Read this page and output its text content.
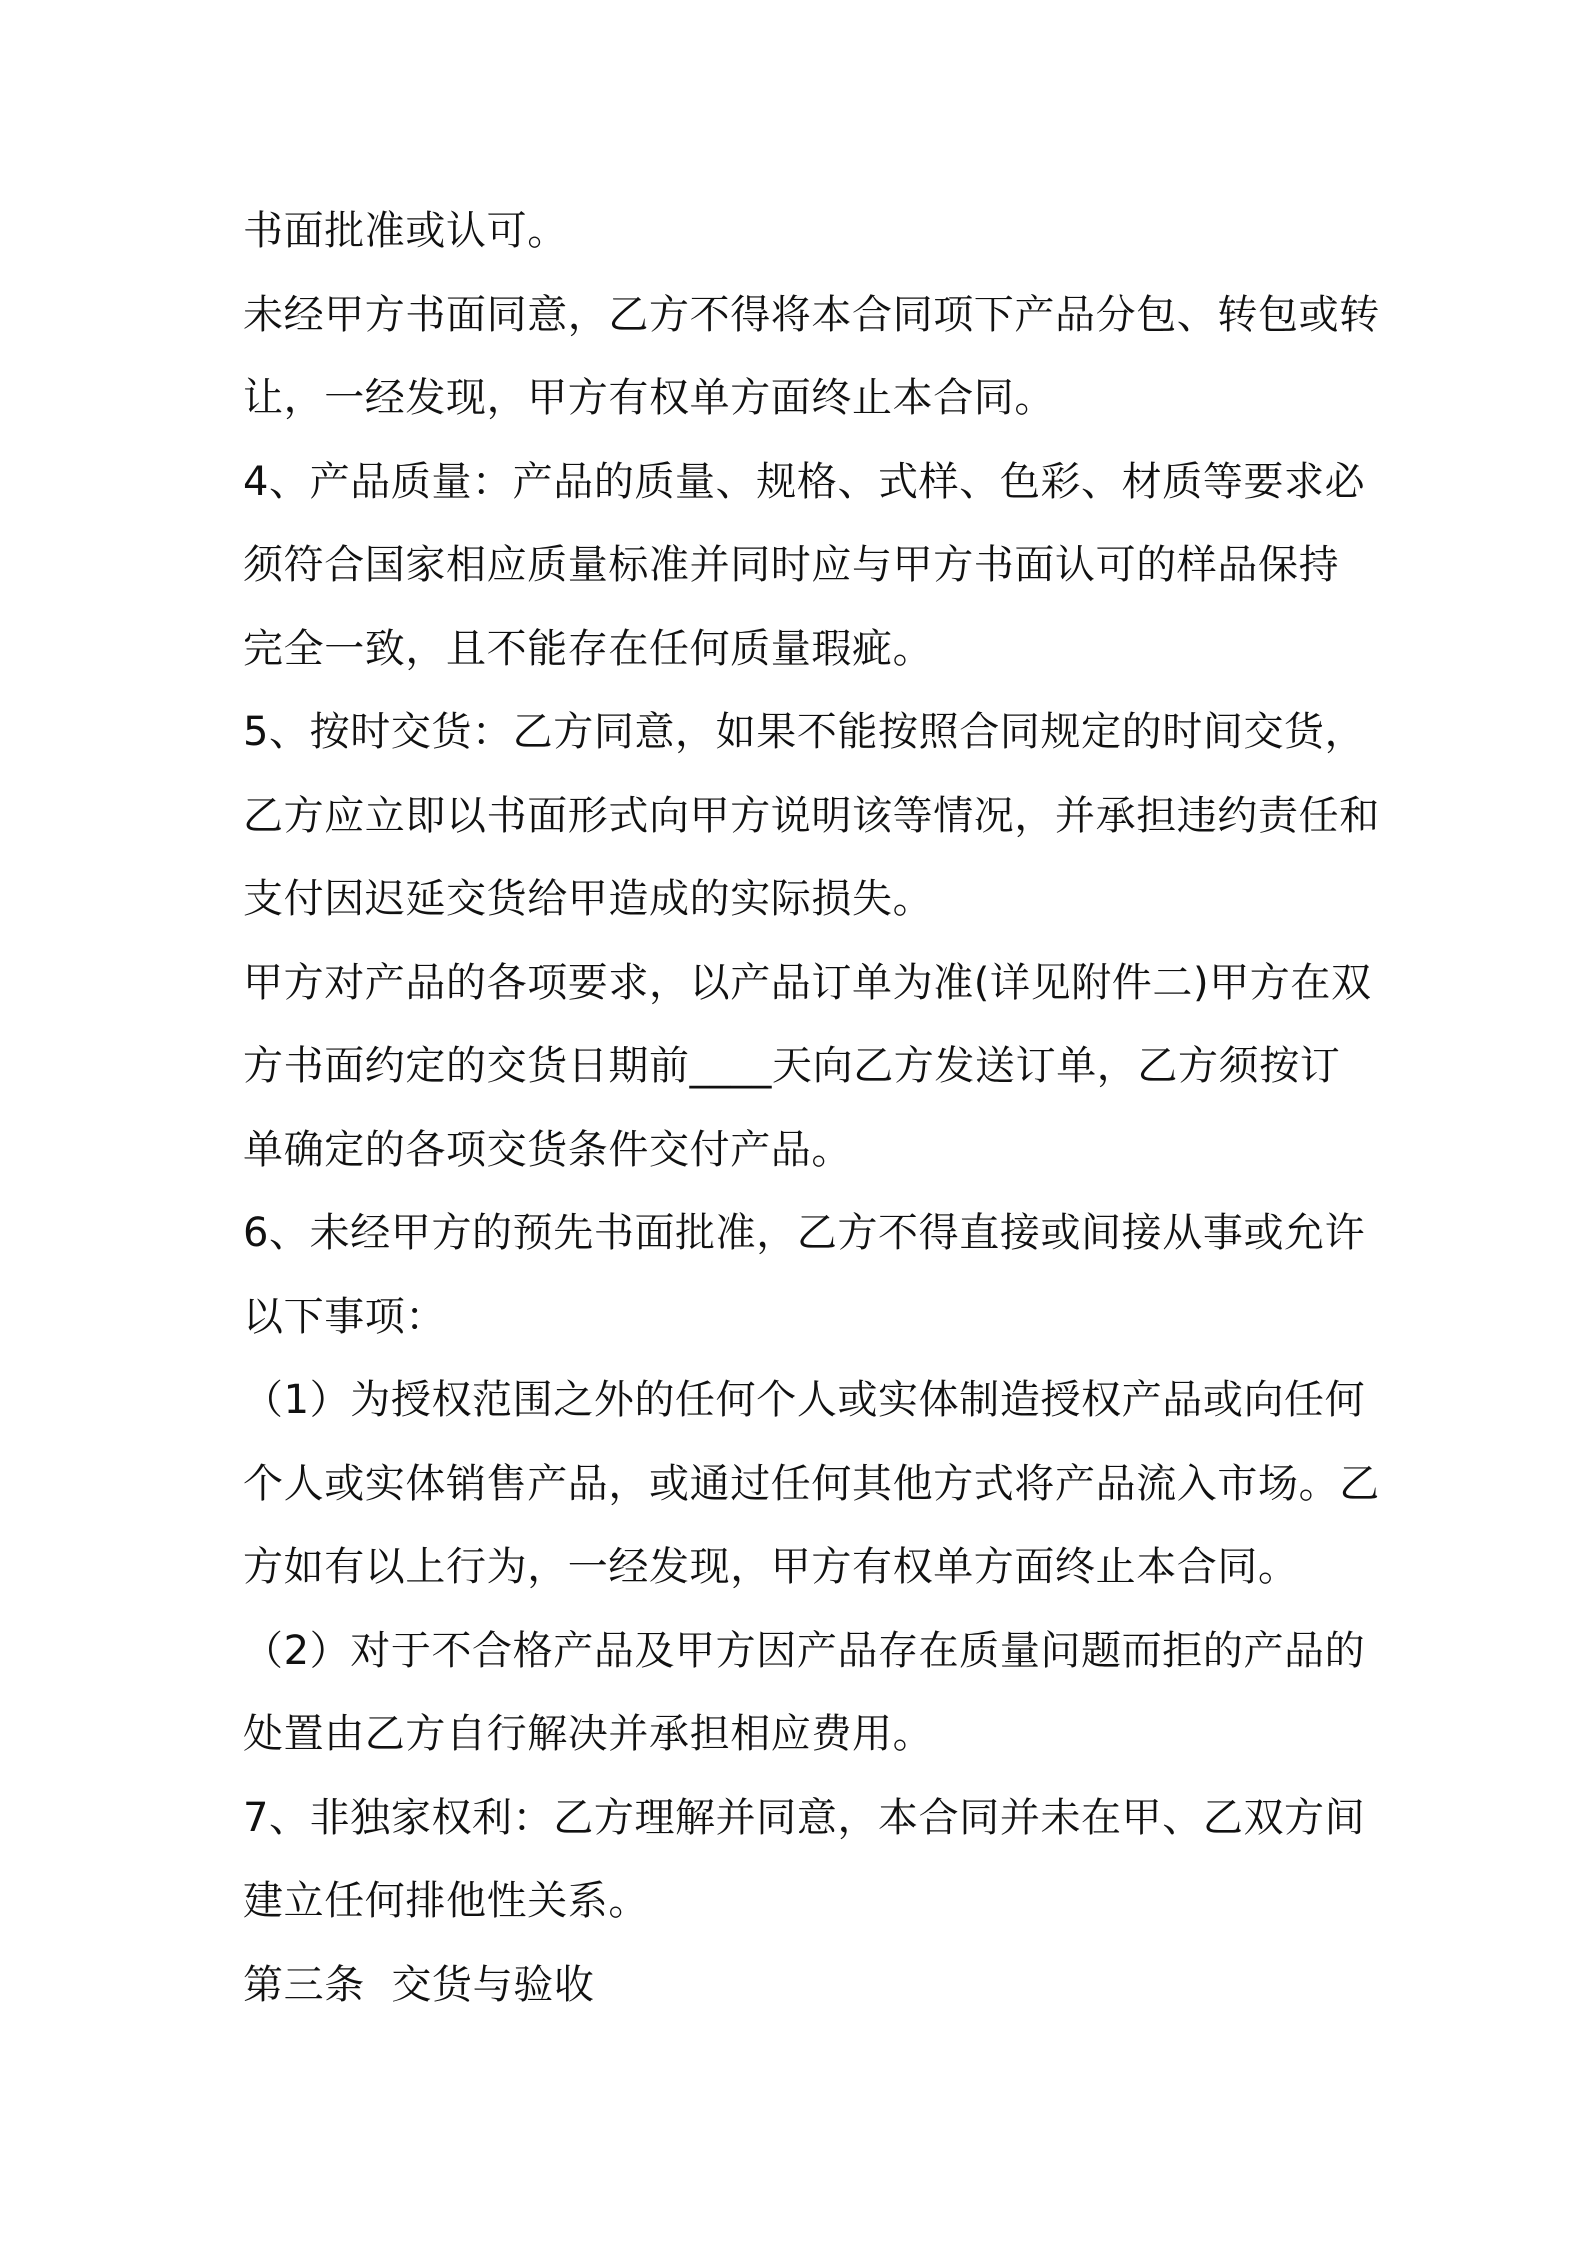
书面批准或认可。
未经甲方书面同意，乙方不得将本合同项下产品分包、转包或转
让，一经发现，甲方有权单方面终止本合同。
4、产品质量：产品的质量、规格、式样、色彩、材质等要求必
须符合国家相应质量标准并同时应与甲方书面认可的样品保持
完全一致，且不能存在任何质量瑕疵。
5、按时交货：乙方同意，如果不能按照合同规定的时间交货，
乙方应立即以书面形式向甲方说明该等情况，并承担违约责任和
支付因迟延交货给甲造成的实际损失。
甲方对产品的各项要求，以产品订单为准(详见附件二)甲方在双
方书面约定的交货日期前____天向乙方发送订单，乙方须按订
单确定的各项交货条件交付产品。
6、未经甲方的预先书面批准，乙方不得直接或间接从事或允许
以下事项：
（1）为授权范围之外的任何个人或实体制造授权产品或向任何
个人或实体销售产品，或通过任何其他方式将产品流入市场。乙
方如有以上行为，一经发现，甲方有权单方面终止本合同。
（2）对于不合格产品及甲方因产品存在质量问题而拒的产品的
处置由乙方自行解决并承担相应费用。
7、非独家权利：乙方理解并同意，本合同并未在甲、乙双方间
建立任何排他性关系。
第三条  交货与验收
